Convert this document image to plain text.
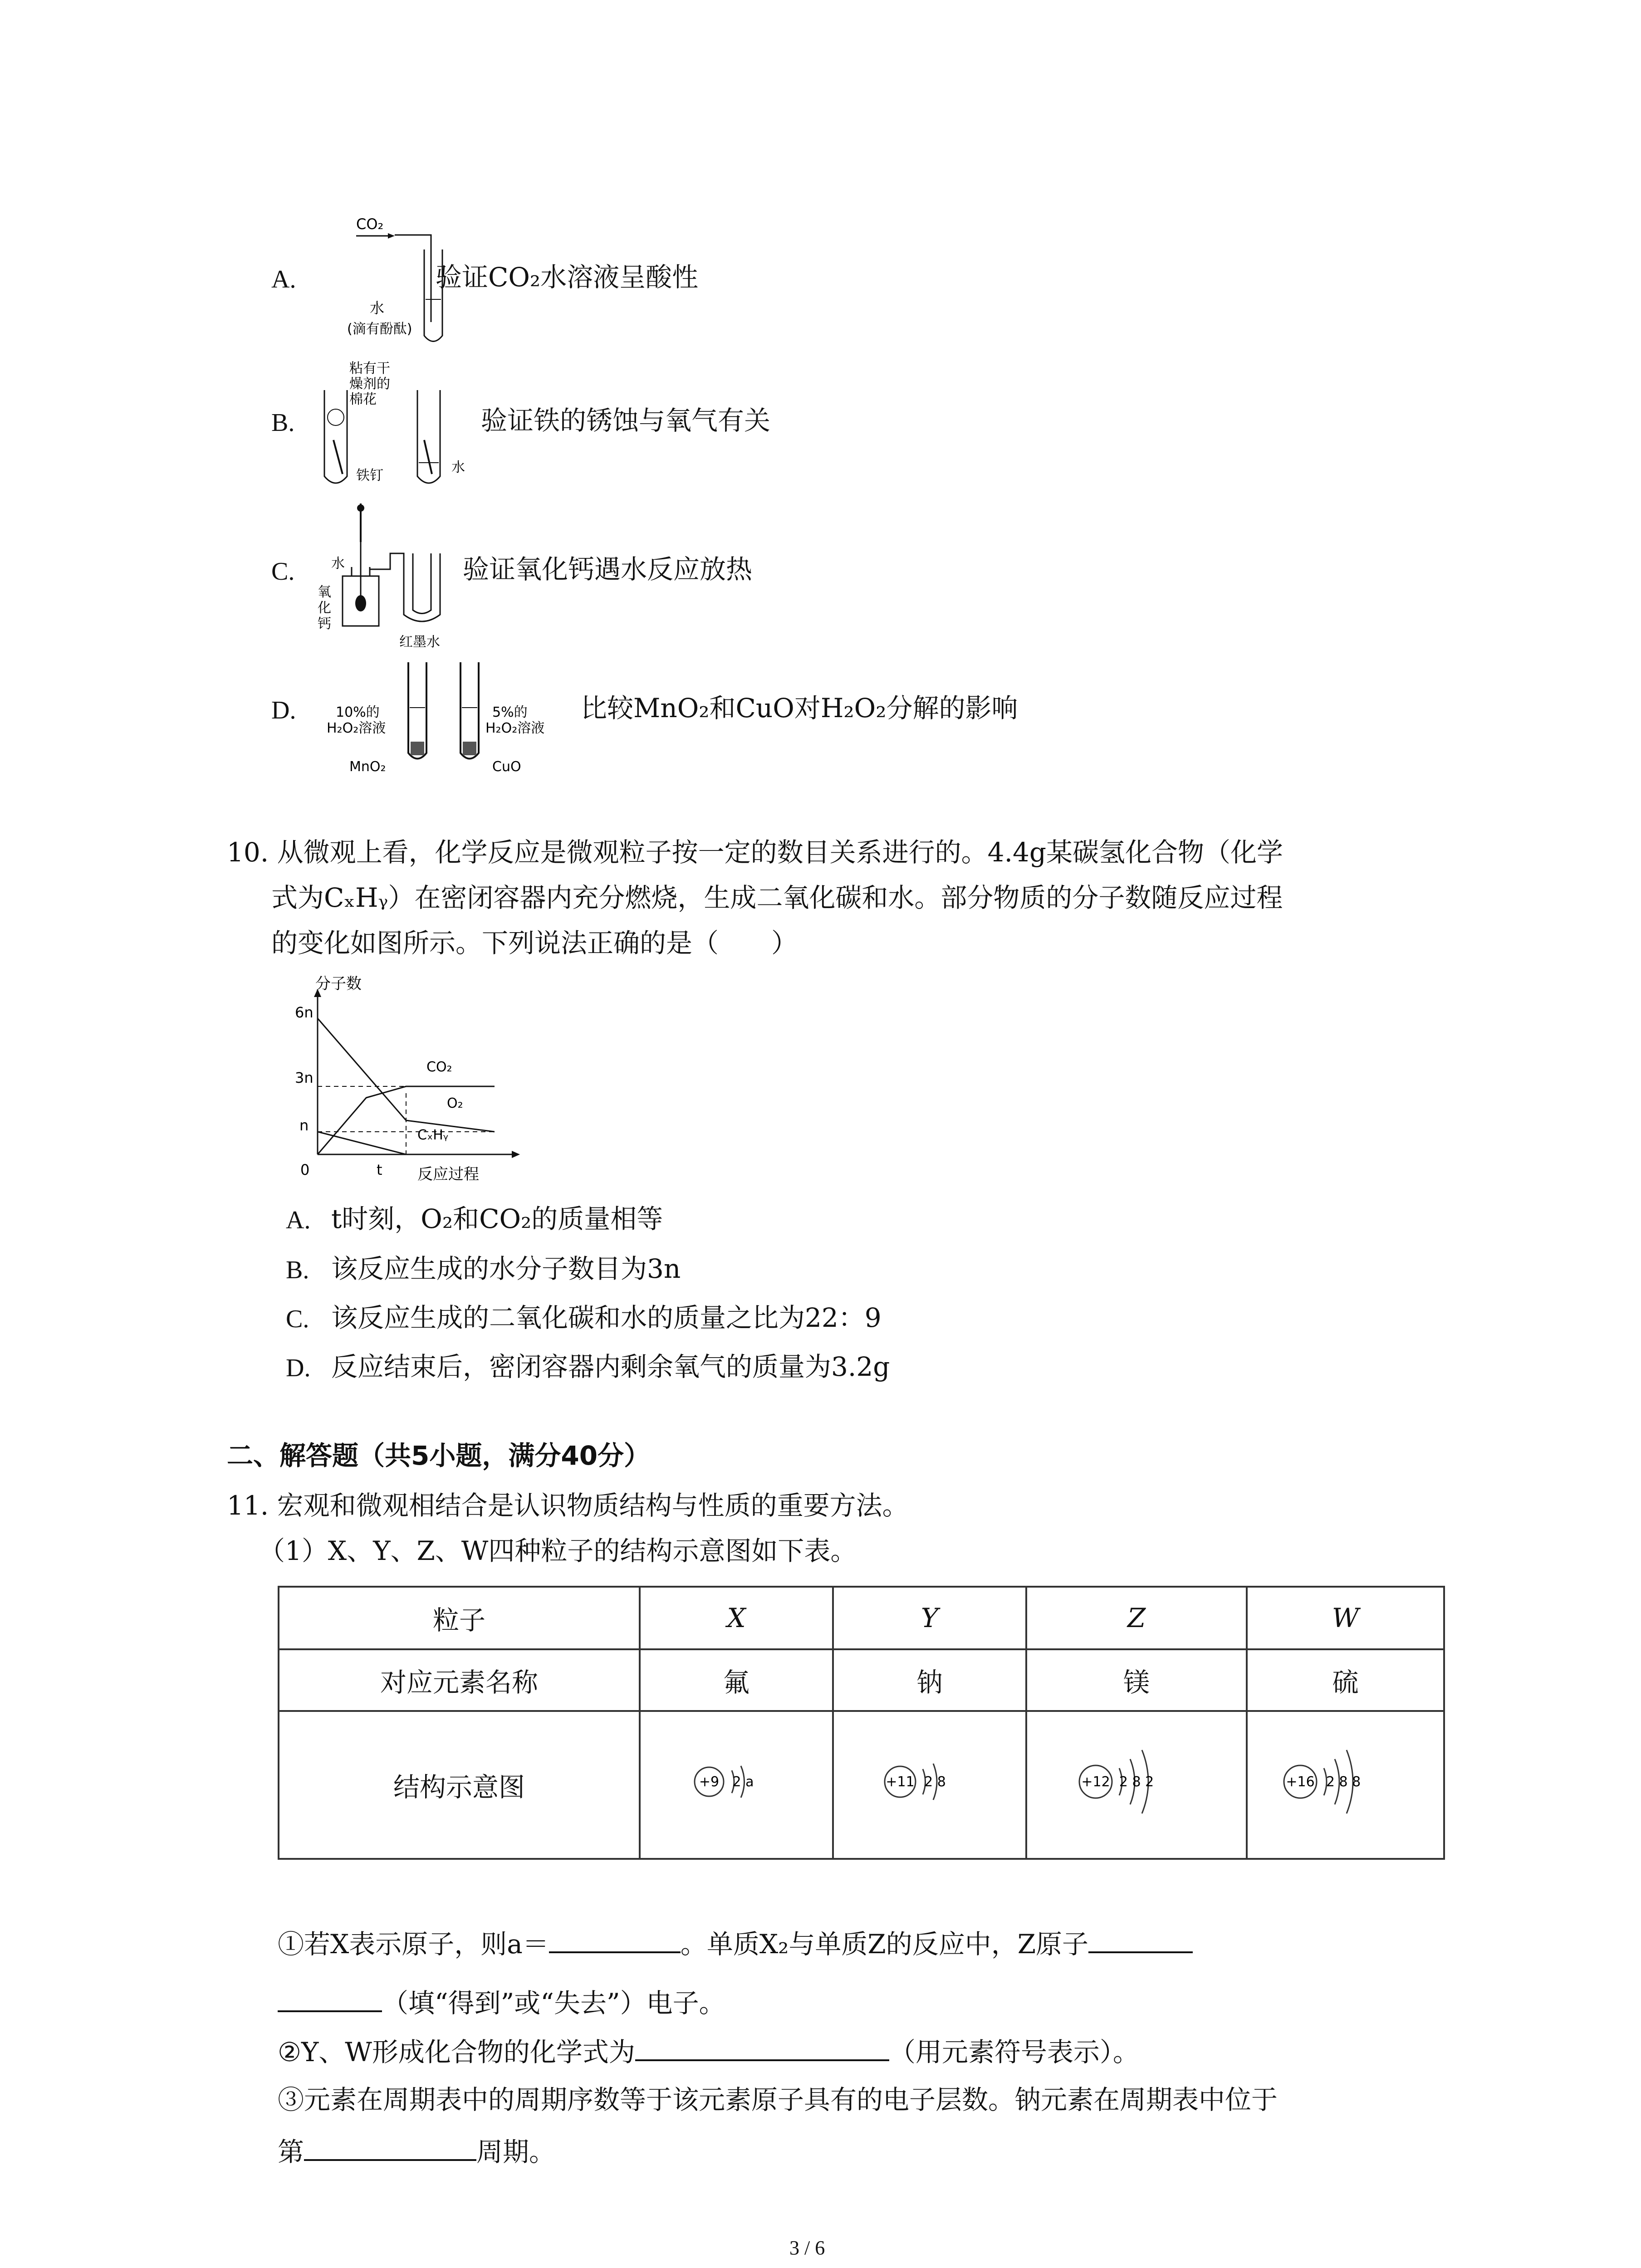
A.
CO₂
水
(滴有酚酞)
验证CO₂水溶液呈酸性
B.
粘有干
燥剂的
棉花
铁钉
水
验证铁的锈蚀与氧气有关
C.	水
氧
化
钙
红墨水
验证氧化钙遇水反应放热
D.	10%的
H₂O₂溶液
MnO₂
5%的
H₂O₂溶液
CuO
比较MnO₂和CuO对H₂O₂分解的影响
10. 从微观上看，化学反应是微观粒子按一定的数目关系进行的。4.4g某碳氢化合物（化学
式为CₓHᵧ）在密闭容器内充分燃烧，生成二氧化碳和水。部分物质的分子数随反应过程
的变化如图所示。下列说法正确的是（　　）
分子数
反应过程
6n
3n
n
0	t
CO₂
O₂
CₓHᵧ
A. t时刻，O₂和CO₂的质量相等
B. 该反应生成的水分子数目为3n
C. 该反应生成的二氧化碳和水的质量之比为22：9
D. 反应结束后，密闭容器内剩余氧气的质量为3.2g
二、解答题（共5小题，满分40分）
11. 宏观和微观相结合是认识物质结构与性质的重要方法。
（1）X、Y、Z、W四种粒子的结构示意图如下表。
粒子	X	Y	Z	W
对应元素名称	氟	钠	镁	硫
结构示意图	+9 2 a	+11 2 8	+12 2 8 2	+16 2 8 8
①若X表示原子，则a＝	。单质X₂与单质Z的反应中，Z原子
（填“得到”或“失去”）电子。
②Y、W形成化合物的化学式为	（用元素符号表示）。
③元素在周期表中的周期序数等于该元素原子具有的电子层数。钠元素在周期表中位于
第	周期。
3 / 6
